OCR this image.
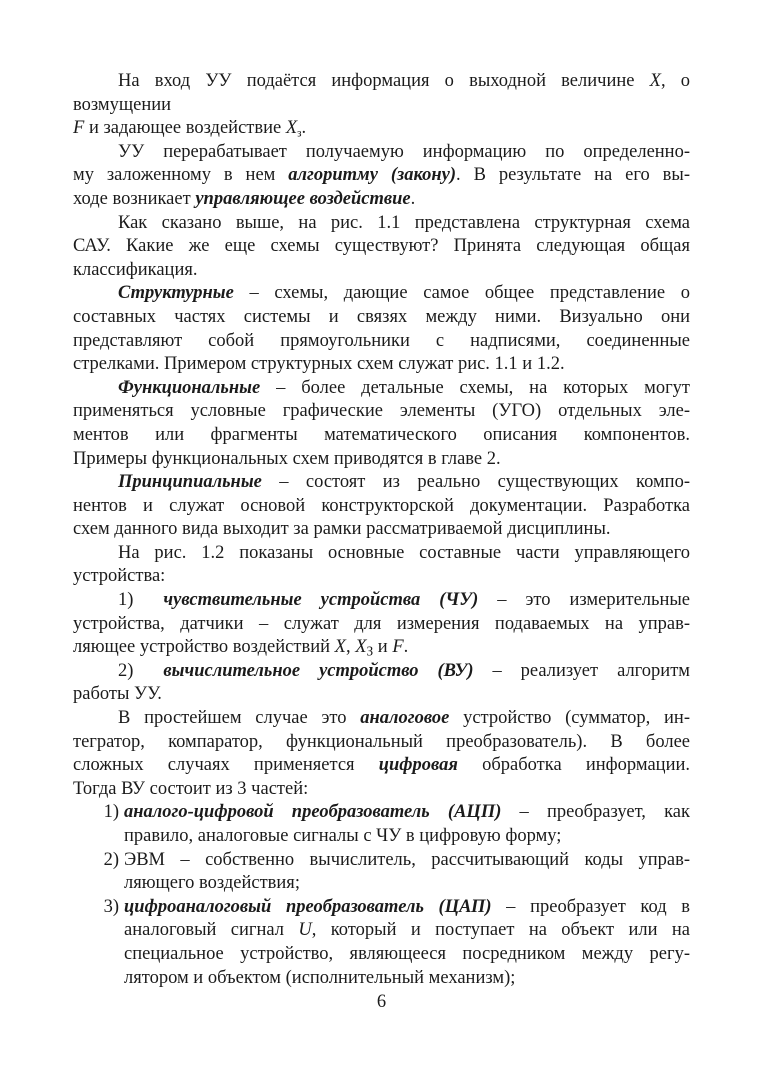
На вход УУ подаётся информация о выходной величине X, о возмущении
F и задающее воздействие $X_з$.

УУ перерабатывает получаемую информацию по определенно-
му заложенному в нем алгоритму (закону). В результате на его вы-
ходе возникает управляющее воздействие.

Как сказано выше, на рис. 1.1 представлена структурная схема
САУ. Какие же еще схемы существуют? Принята следующая общая
классификация.

Структурные – схемы, дающие самое общее представление о
составных частях системы и связях между ними. Визуально они
представляют собой прямоугольники с надписями, соединенные
стрелками. Примером структурных схем служат рис. 1.1 и 1.2.

Функциональные – более детальные схемы, на которых могут
применяться условные графические элементы (УГО) отдельных эле-
ментов или фрагменты математического описания компонентов.
Примеры функциональных схем приводятся в главе 2.

Принципиальные – состоят из реально существующих компо-
нентов и служат основой конструкторской документации. Разработка
схем данного вида выходит за рамки рассматриваемой дисциплины.

На рис. 1.2 показаны основные составные части управляющего
устройства:

1) чувствительные устройства (ЧУ) – это измерительные
устройства, датчики – служат для измерения подаваемых на управ-
ляющее устройство воздействий X, XЗ и F.

2) вычислительное устройство (ВУ) – реализует алгоритм
работы УУ.

В простейшем случае это аналоговое устройство (сумматор, ин-
тегратор, компаратор, функциональный преобразователь). В более
сложных случаях применяется цифровая обработка информации.
Тогда ВУ состоит из 3 частей:

1) аналого-цифровой преобразователь (АЦП) – преобразует, как
правило, аналоговые сигналы с ЧУ в цифровую форму;
2) ЭВМ – собственно вычислитель, рассчитывающий коды управ-
ляющего воздействия;
3) цифроаналоговый преобразователь (ЦАП) – преобразует код в
аналоговый сигнал U, который и поступает на объект или на
специальное устройство, являющееся посредником между регу-
лятором и объектом (исполнительный механизм);
6
